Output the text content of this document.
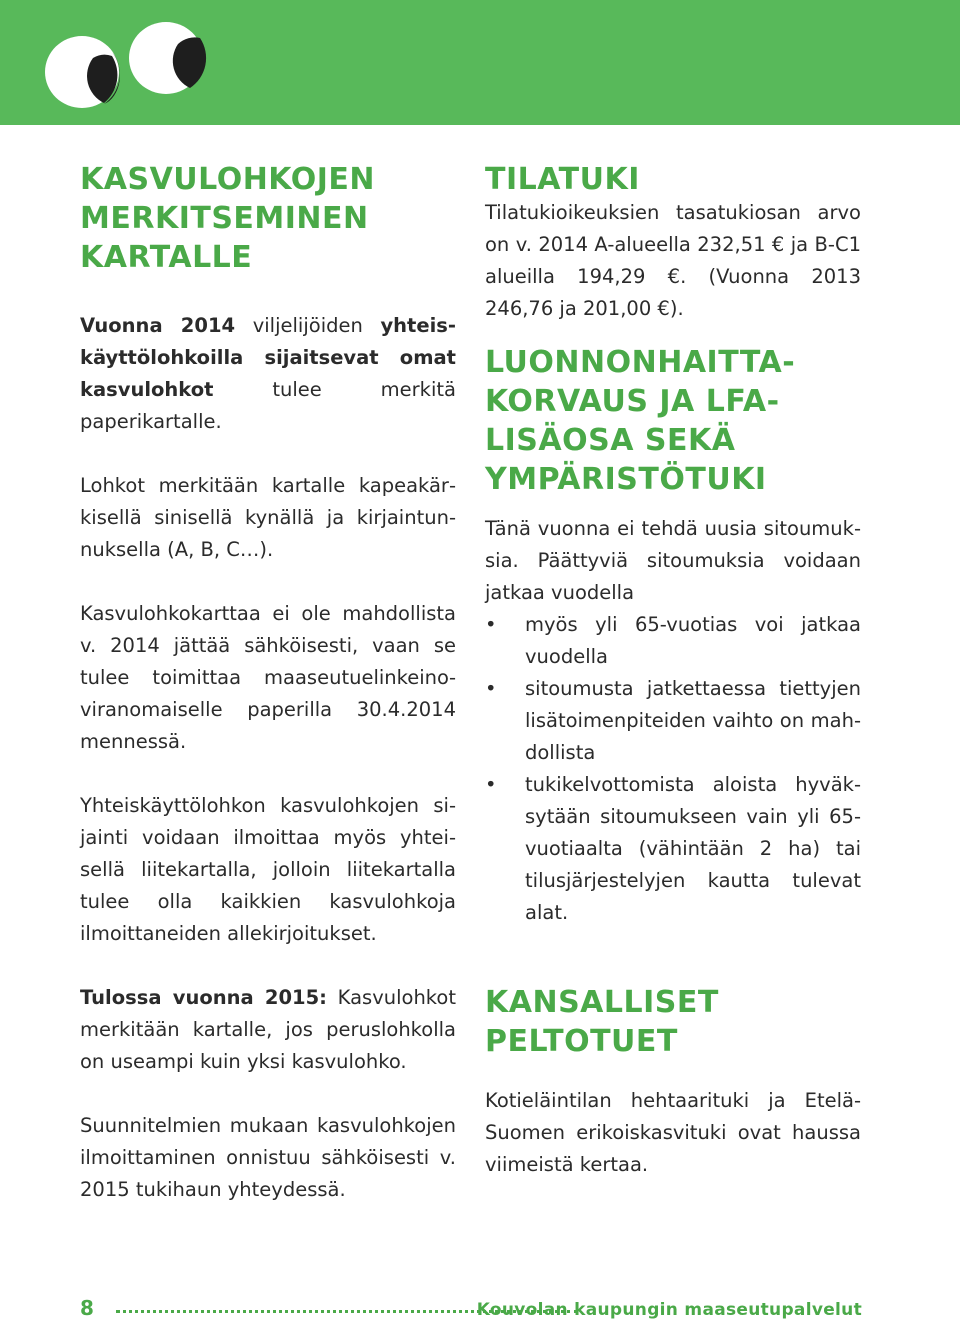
KASVULOHKOJEN
MERKITSEMINEN
KARTALLE

Vuonna 2014 viljelijöiden yhteiskäyttölohkoilla sijaitsevat omat kasvulohkot tulee merkitä paperikartalle.

Lohkot merkitään kartalle kapeakärkisellä sinisellä kynällä ja kirjaintunnuksella (A, B, C…).

Kasvulohkokarttaa ei ole mahdollista v. 2014 jättää sähköisesti, vaan se tulee toimittaa maaseutuelinkeinoviranomaiselle paperilla 30.4.2014 mennessä.

Yhteiskäyttölohkon kasvulohkojen sijainti voidaan ilmoittaa myös yhteisellä liitekartalla, jolloin liitekartalla tulee olla kaikkien kasvulohkoja ilmoittaneiden allekirjoitukset.

Tulossa vuonna 2015: Kasvulohkot merkitään kartalle, jos peruslohkolla on useampi kuin yksi kasvulohko.

Suunnitelmien mukaan kasvulohkojen ilmoittaminen onnistuu sähköisesti v. 2015 tukihaun yhteydessä.

TILATUKI

Tilatukioikeuksien tasatukiosan arvo on v. 2014 A-alueella 232,51 € ja B-C1 alueilla 194,29 €. (Vuonna 2013 246,76 ja 201,00 €).

LUONNONHAITTA-
KORVAUS JA LFA-
LISÄOSA SEKÄ
YMPÄRISTÖTUKI

Tänä vuonna ei tehdä uusia sitoumuksia. Päättyviä sitoumuksia voidaan jatkaa vuodella

• myös yli 65-vuotias voi jatkaa vuodella
• sitoumusta jatkettaessa tiettyjen lisätoimenpiteiden vaihto on mahdollista
• tukikelvottomista aloista hyväksytään sitoumukseen vain yli 65-vuotiaalta (vähintään 2 ha) tai tilusjärjestelyjen kautta tulevat alat.
KANSALLISET
PELTOTUET

Kotieläintilan hehtaarituki ja Etelä-Suomen erikoiskasvituki ovat haussa viimeistä kertaa.

8	Kouvolan kaupungin maaseutupalvelut
